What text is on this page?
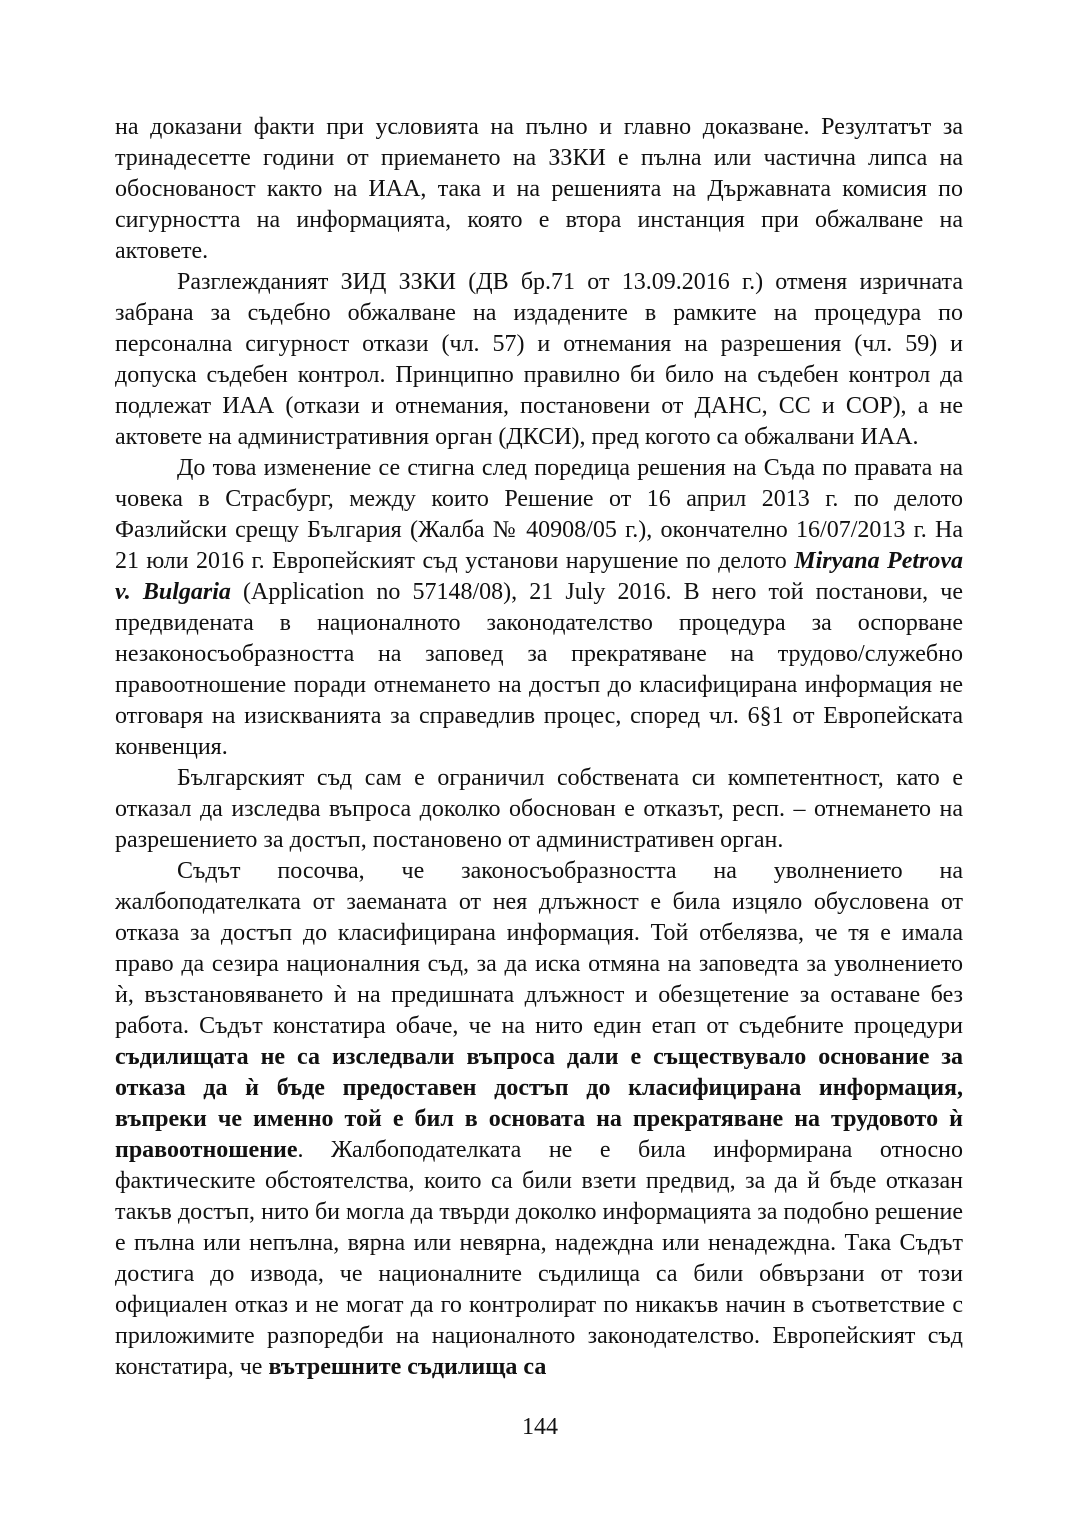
на доказани факти при условията на пълно и главно доказване. Резултатът за тринадесетте години от приемането на ЗЗКИ е пълна или частична липса на обоснованост както на ИАА, така и на решенията на Държавната комисия по сигурността на информацията, която е втора инстанция при обжалване на актовете.

Разглежданият ЗИД ЗЗКИ (ДВ бр.71 от 13.09.2016 г.) отменя изричната забрана за съдебно обжалване на издадените в рамките на процедура по персонална сигурност откази (чл. 57) и отнемания на разрешения (чл. 59) и допуска съдебен контрол. Принципно правилно би било на съдебен контрол да подлежат ИАА (откази и отнемания, постановени от ДАНС, СС и СОР), а не актовете на административния орган (ДКСИ), пред когото са обжалвани ИАА.

До това изменение се стигна след поредица решения на Съда по правата на човека в Страсбург, между които Решение от 16 април 2013 г. по делото Фазлийски срещу България (Жалба № 40908/05 г.), окончателно 16/07/2013 г. На 21 юли 2016 г. Европейският съд установи нарушение по делото Miryana Petrova v. Bulgaria (Application no 57148/08), 21 July 2016. В него той постанови, че предвидената в националното законодателство процедура за оспорване незаконосъобразността на заповед за прекратяване на трудово/служебно правоотношение поради отнемането на достъп до класифицирана информация не отговаря на изискванията за справедлив процес, според чл. 6§1 от Европейската конвенция.

Българският съд сам е ограничил собствената си компетентност, като е отказал да изследва въпроса доколко обоснован е отказът, респ. – отнемането на разрешението за достъп, постановено от административен орган.

Съдът посочва, че законосъобразността на уволнението на жалбоподателката от заеманата от нея длъжност е била изцяло обусловена от отказа за достъп до класифицирана информация. Той отбелязва, че тя е имала право да сезира националния съд, за да иска отмяна на заповедта за уволнението ѝ, възстановяването ѝ на предишната длъжност и обезщетение за оставане без работа. Съдът констатира обаче, че на нито един етап от съдебните процедури съдилищата не са изследвали въпроса дали е съществувало основание за отказа да ѝ бъде предоставен достъп до класифицирана информация, въпреки че именно той е бил в основата на прекратяване на трудовото ѝ правоотношение. Жалбоподателката не е била информирана относно фактическите обстоятелства, които са били взети предвид, за да й бъде отказан такъв достъп, нито би могла да твърди доколко информацията за подобно решение е пълна или непълна, вярна или невярна, надеждна или ненадеждна. Така Съдът достига до извода, че националните съдилища са били обвързани от този официален отказ и не могат да го контролират по никакъв начин в съответствие с приложимите разпоредби на националното законодателство. Европейският съд констатира, че вътрешните съдилища са

144
